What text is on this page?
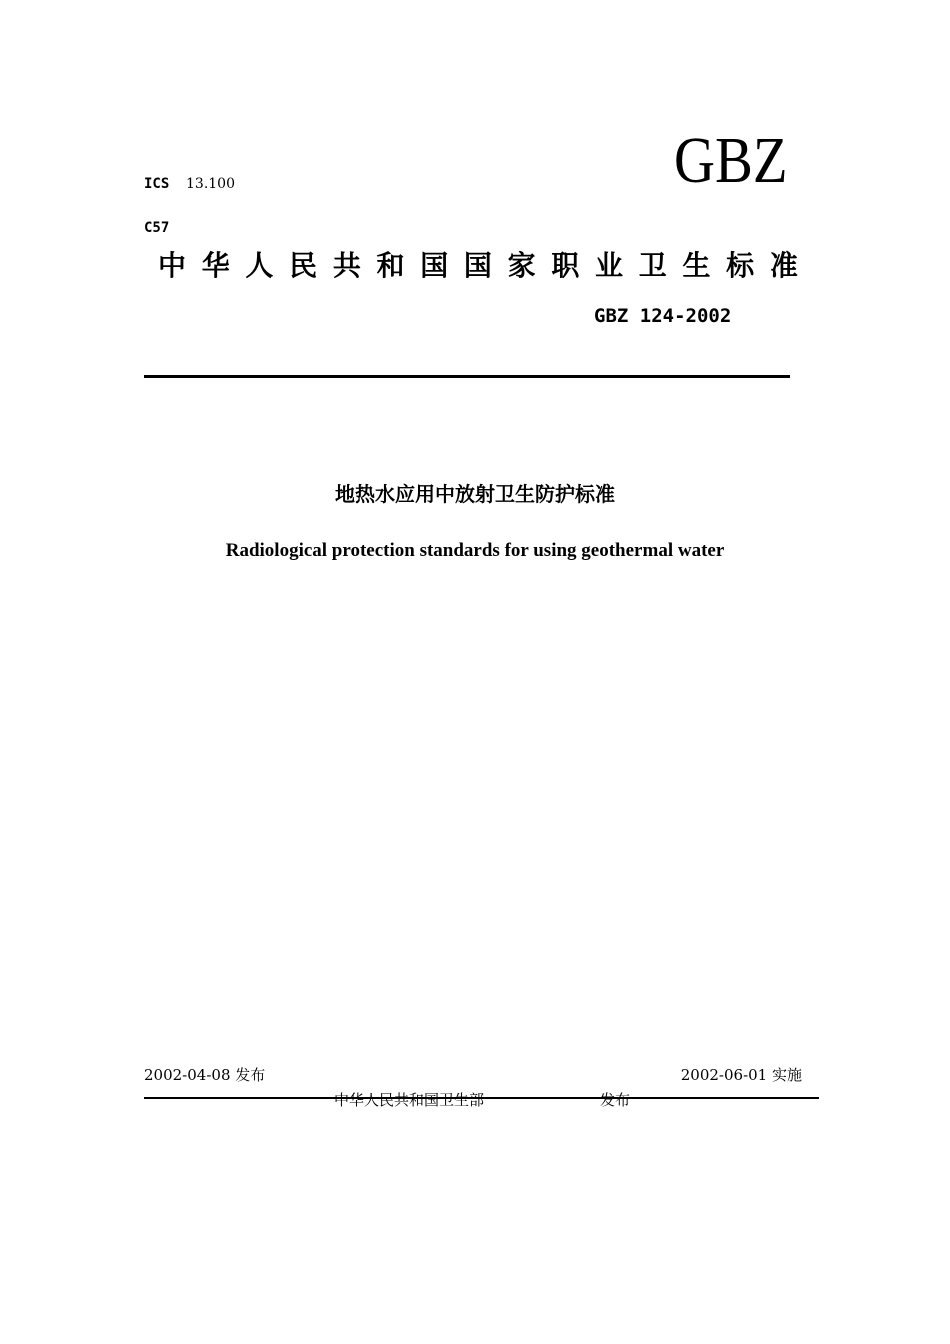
ICS 13.100	GBZ
C57
中 华 人 民 共 和 国 国 家 职 业 卫 生 标 准
GBZ 124-2002
地热水应用中放射卫生防护标准
Radiological protection standards for using geothermal water
2002-04-08 发布	2002-06-01 实施
中华人民共和国卫生部	发布
